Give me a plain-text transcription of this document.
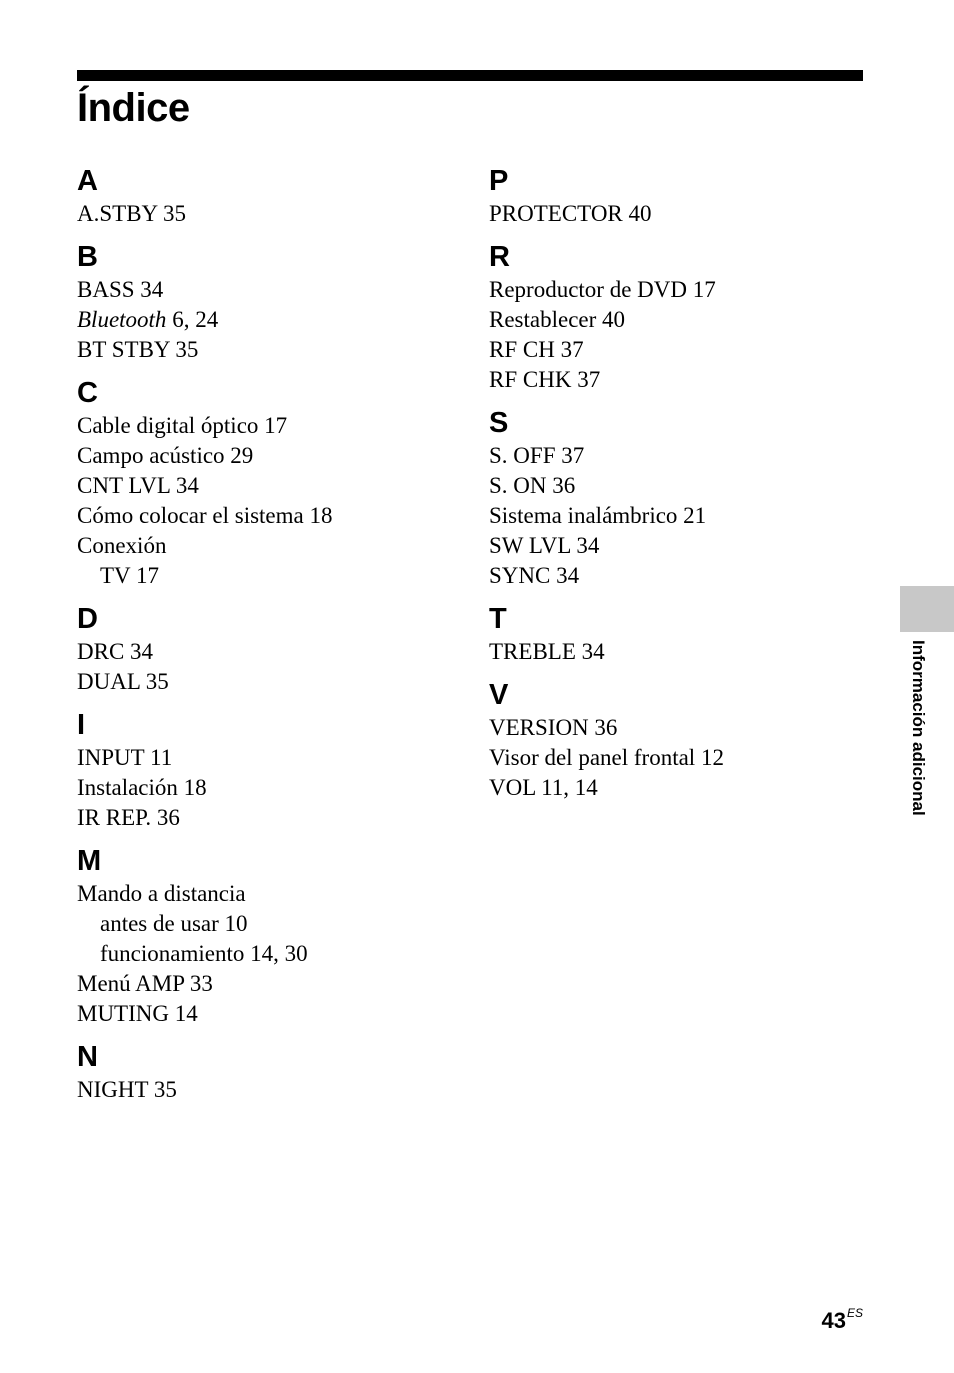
Índice
A
A.STBY 35
B
BASS 34
Bluetooth 6, 24
BT STBY 35
C
Cable digital óptico 17
Campo acústico 29
CNT LVL 34
Cómo colocar el sistema 18
Conexión
TV 17
D
DRC 34
DUAL 35
I
INPUT 11
Instalación 18
IR REP. 36
M
Mando a distancia
antes de usar 10
funcionamiento 14, 30
Menú AMP 33
MUTING 14
N
NIGHT 35
P
PROTECTOR 40
R
Reproductor de DVD 17
Restablecer 40
RF CH 37
RF CHK 37
S
S. OFF 37
S. ON 36
Sistema inalámbrico 21
SW LVL 34
SYNC 34
T
TREBLE 34
V
VERSION 36
Visor del panel frontal 12
VOL 11, 14	Información adicional
$43^{ES}$
